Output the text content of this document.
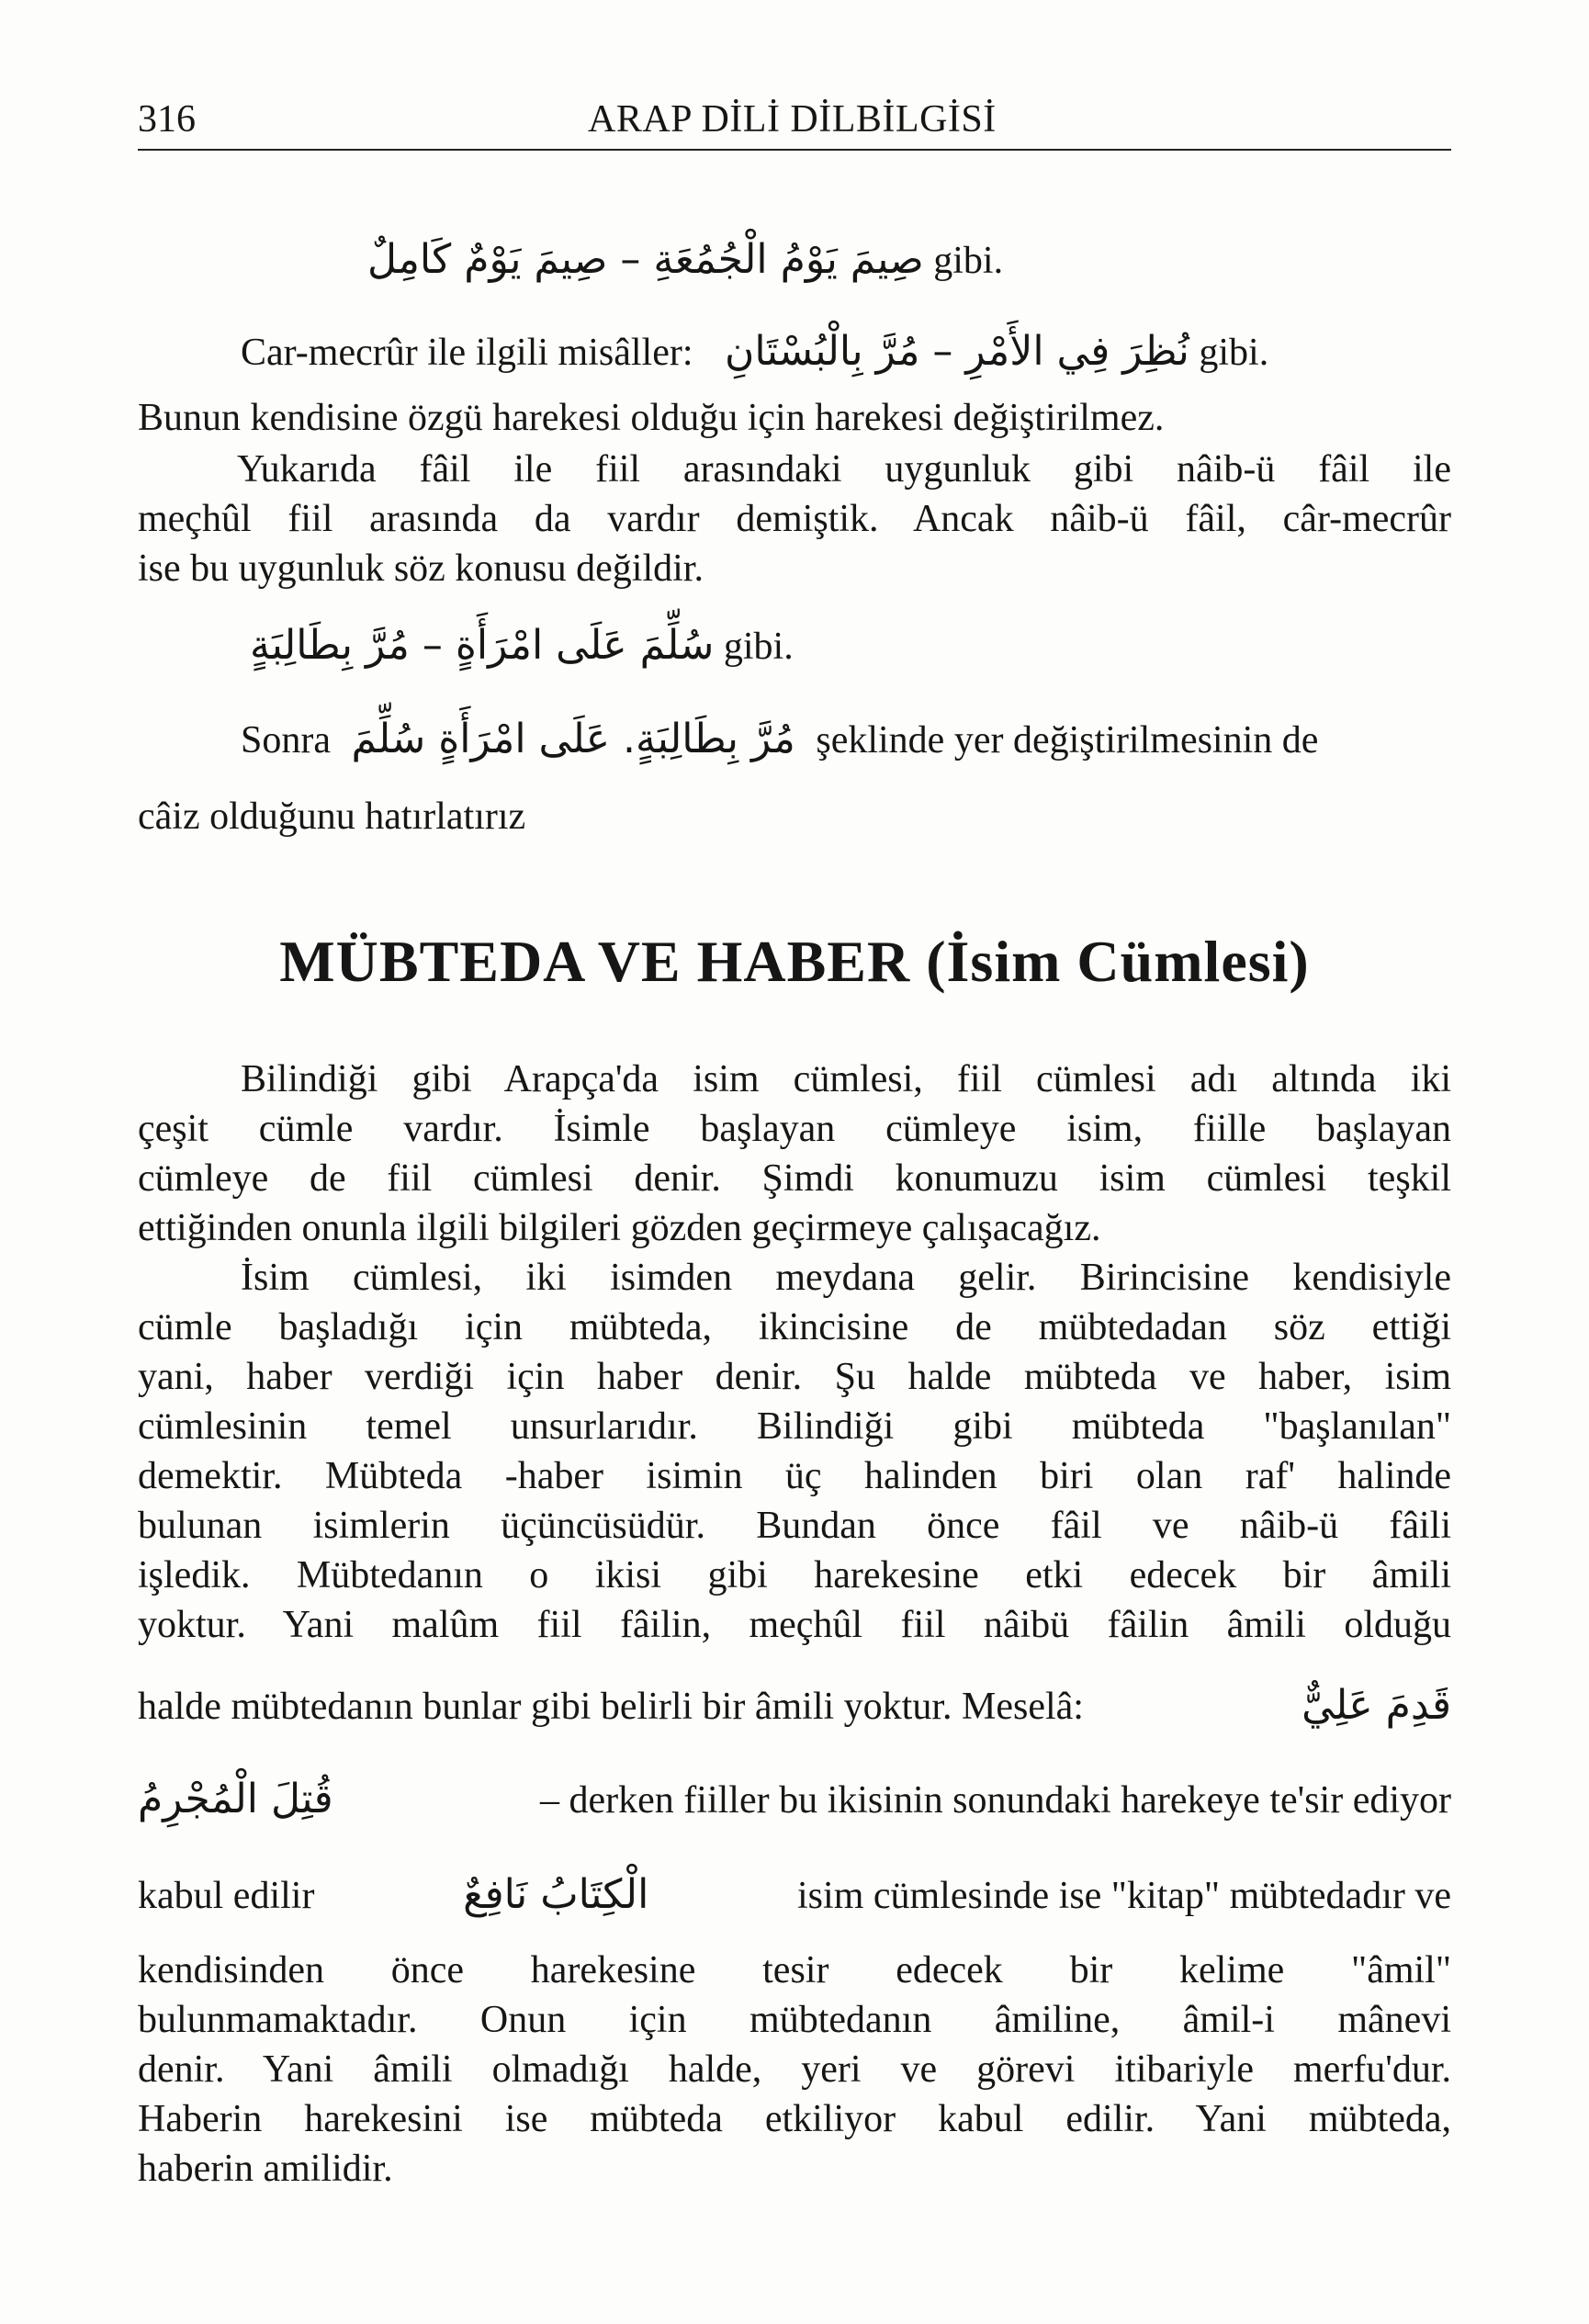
316	ARAP DİLİ DİLBİLGİSİ
صِيمَ يَوْمُ الْجُمُعَةِ – صِيمَ يَوْمٌ كَامِلٌ gibi.
Car-mecrûr ile ilgili misâller: نُظِرَ فِي الأَمْرِ – مُرَّ بِالْبُسْتَانِ gibi.
Bunun kendisine özgü harekesi olduğu için harekesi değiştirilmez.
Yukarıda fâil ile fiil arasındaki uygunluk gibi nâib-ü fâil ile
meçhûl fiil arasında da vardır demiştik. Ancak nâib-ü fâil, câr-mecrûr
ise bu uygunluk söz konusu değildir.
سُلِّمَ عَلَى امْرَأَةٍ – مُرَّ بِطَالِبَةٍ gibi.
Sonra مُرَّ بِطَالِبَةٍ. عَلَى امْرَأَةٍ سُلِّمَ şeklinde yer değiştirilmesinin de
câiz olduğunu hatırlatırız
MÜBTEDA VE HABER (İsim Cümlesi)
Bilindiği gibi Arapça'da isim cümlesi, fiil cümlesi adı altında iki
çeşit cümle vardır. İsimle başlayan cümleye isim, fiille başlayan
cümleye de fiil cümlesi denir. Şimdi konumuzu isim cümlesi teşkil
ettiğinden onunla ilgili bilgileri gözden geçirmeye çalışacağız.
İsim cümlesi, iki isimden meydana gelir. Birincisine kendisiyle
cümle başladığı için mübteda, ikincisine de mübtedadan söz ettiği
yani, haber verdiği için haber denir. Şu halde mübteda ve haber, isim
cümlesinin temel unsurlarıdır. Bilindiği gibi mübteda "başlanılan"
demektir. Mübteda -haber isimin üç halinden biri olan raf' halinde
bulunan isimlerin üçüncüsüdür. Bundan önce fâil ve nâib-ü fâili
işledik. Mübtedanın o ikisi gibi harekesine etki edecek bir âmili
yoktur. Yani malûm fiil fâilin, meçhûl fiil nâibü fâilin âmili olduğu
halde mübtedanın bunlar gibi belirli bir âmili yoktur. Meselâ:	قَدِمَ عَلِيٌّ
قُتِلَ الْمُجْرِمُ	– derken fiiller bu ikisinin sonundaki harekeye te'sir ediyor
kabul edilir	الْكِتَابُ نَافِعٌ	isim cümlesinde ise "kitap" mübtedadır ve
kendisinden önce harekesine tesir edecek bir kelime "âmil"
bulunmamaktadır. Onun için mübtedanın âmiline, âmil-i mânevi
denir. Yani âmili olmadığı halde, yeri ve görevi itibariyle merfu'dur.
Haberin harekesini ise mübteda etkiliyor kabul edilir. Yani mübteda,
haberin amilidir.
